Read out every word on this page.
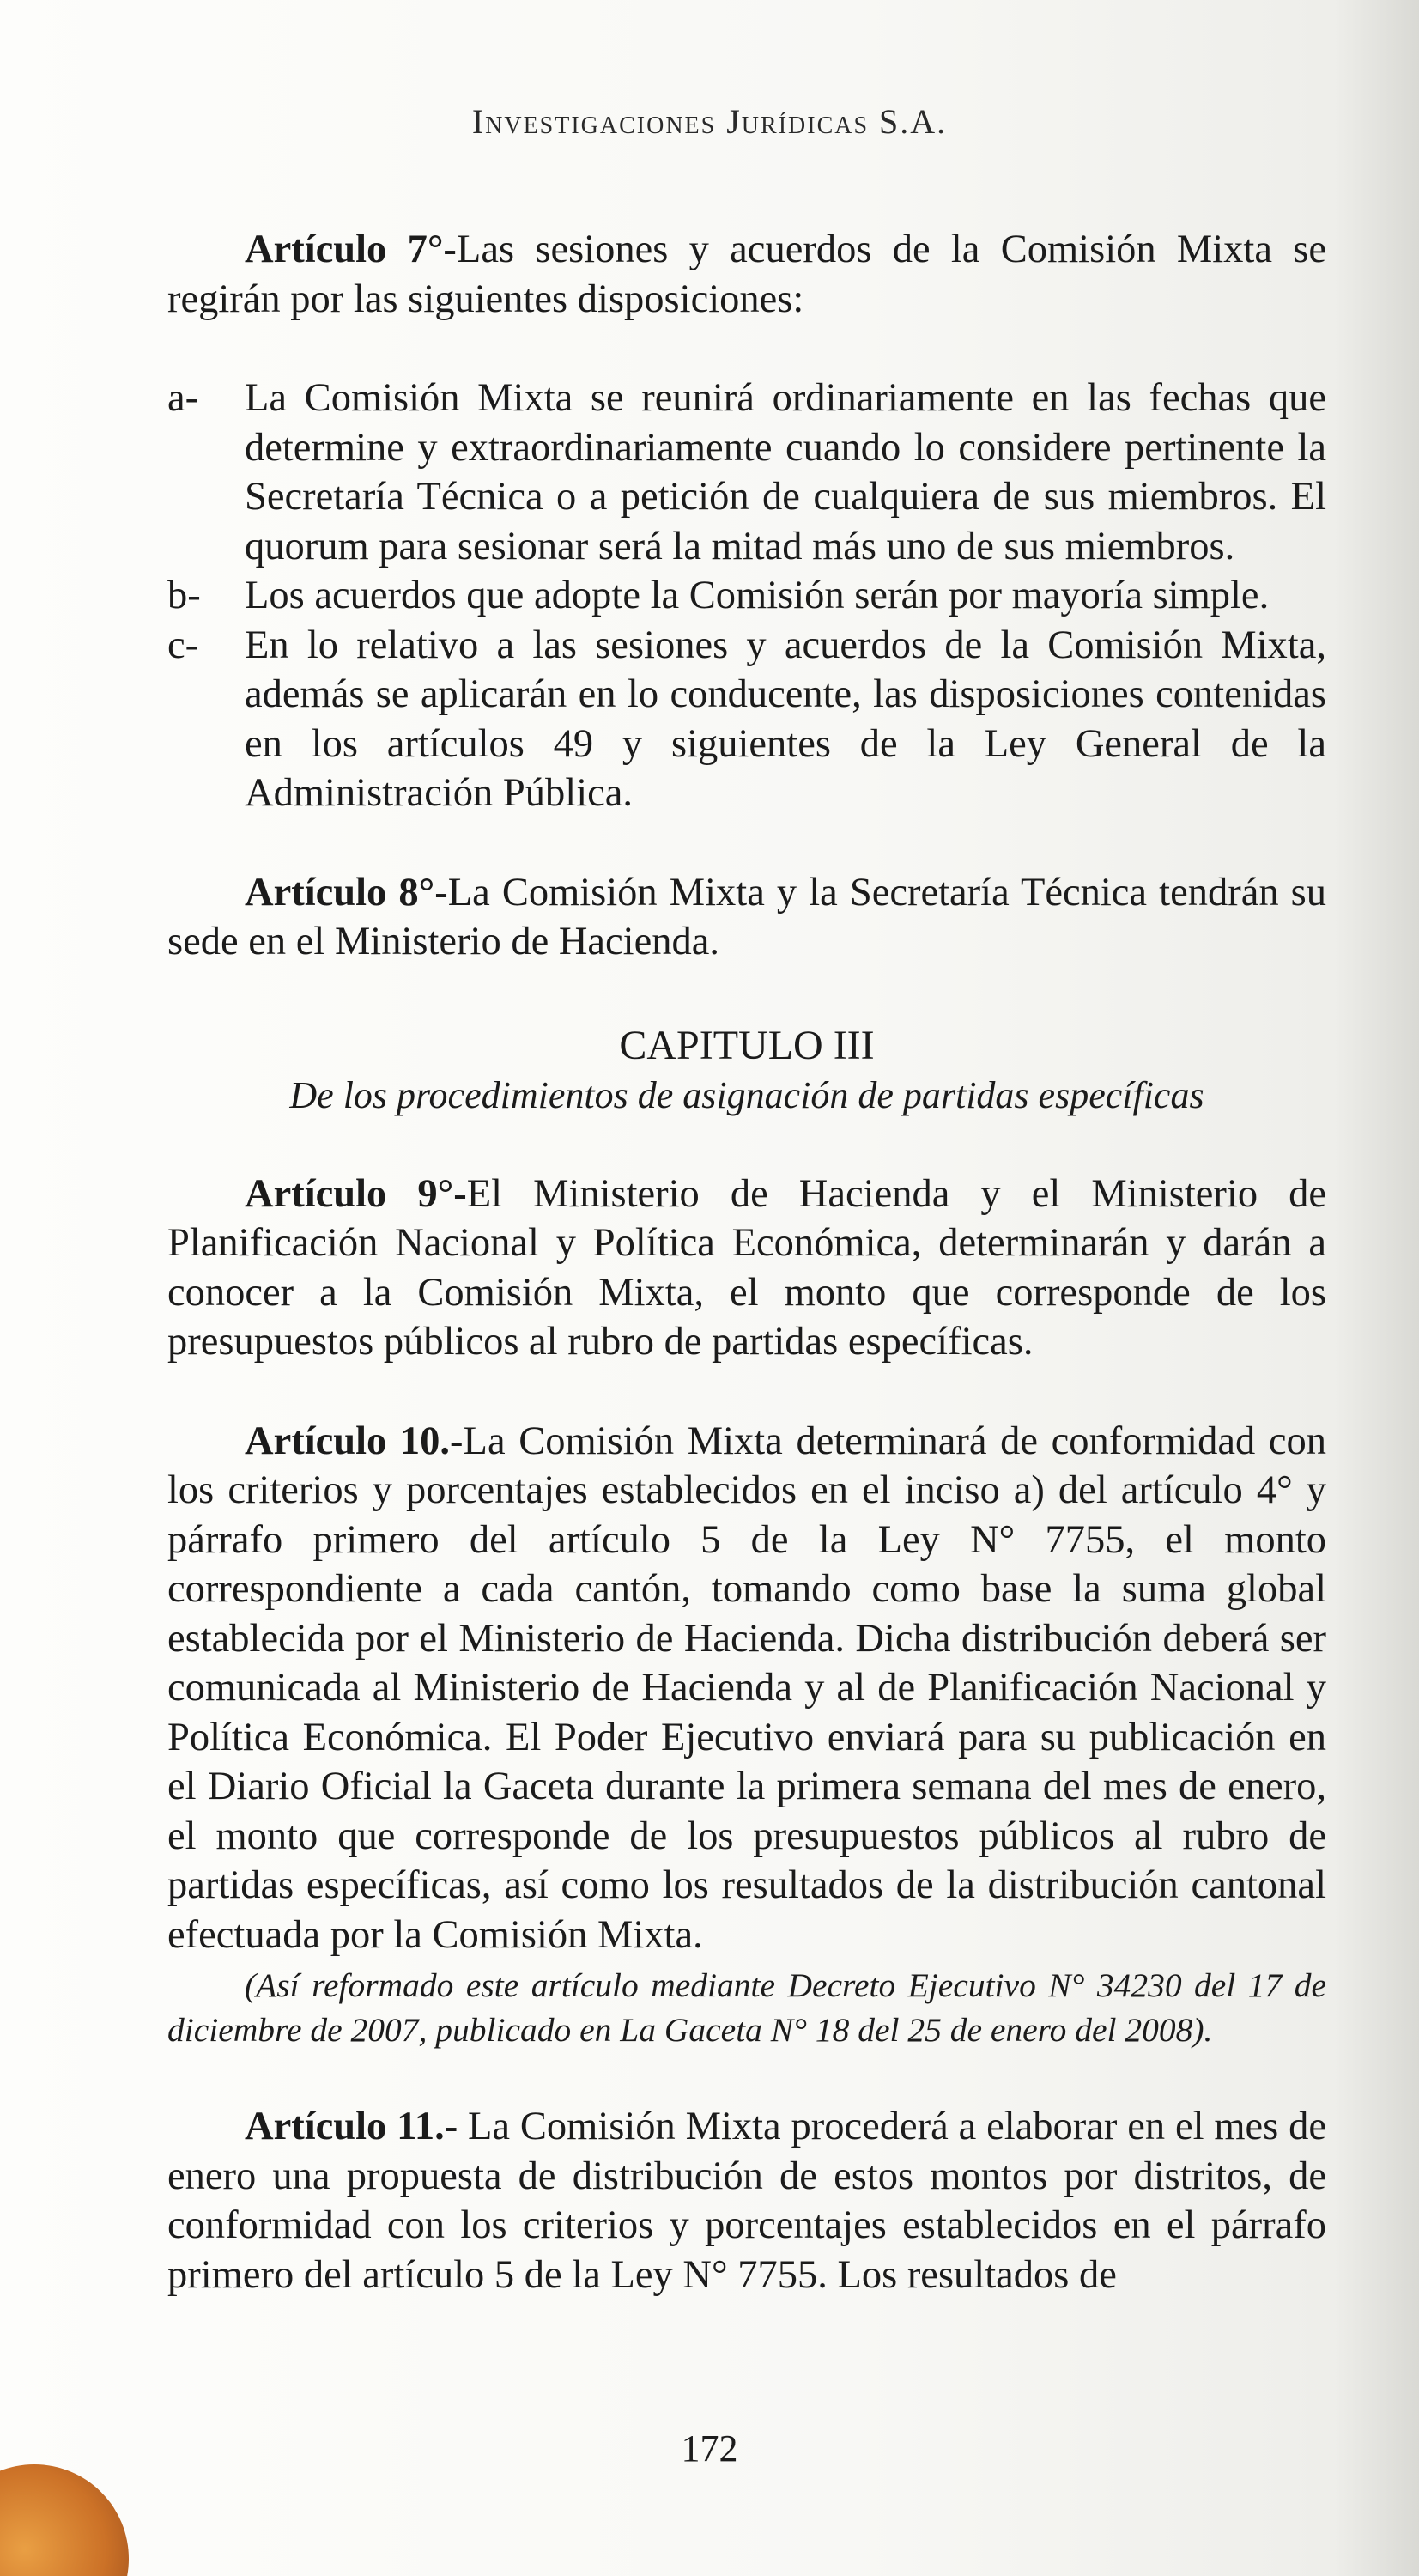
Investigaciones Jurídicas S.A.

Artículo 7°-Las sesiones y acuerdos de la Comisión Mixta se regirán por las siguientes disposiciones:

a- La Comisión Mixta se reunirá ordinariamente en las fechas que determine y extraordinariamente cuando lo considere pertinente la Secretaría Técnica o a petición de cualquiera de sus miembros. El quorum para sesionar será la mitad más uno de sus miembros.
b- Los acuerdos que adopte la Comisión serán por mayoría simple.
c- En lo relativo a las sesiones y acuerdos de la Comisión Mixta, además se aplicarán en lo conducente, las disposiciones contenidas en los artículos 49 y siguientes de la Ley General de la Administración Pública.

Artículo 8°-La Comisión Mixta y la Secretaría Técnica tendrán su sede en el Ministerio de Hacienda.

CAPITULO III

De los procedimientos de asignación de partidas específicas

Artículo 9°-El Ministerio de Hacienda y el Ministerio de Planificación Nacional y Política Económica, determinarán y darán a conocer a la Comisión Mixta, el monto que corresponde de los presupuestos públicos al rubro de partidas específicas.

Artículo 10.-La Comisión Mixta determinará de conformidad con los criterios y porcentajes establecidos en el inciso a) del artículo 4° y párrafo primero del artículo 5 de la Ley N° 7755, el monto correspondiente a cada cantón, tomando como base la suma global establecida por el Ministerio de Hacienda. Dicha distribución deberá ser comunicada al Ministerio de Hacienda y al de Planificación Nacional y Política Económica. El Poder Ejecutivo enviará para su publicación en el Diario Oficial la Gaceta durante la primera semana del mes de enero, el monto que corresponde de los presupuestos públicos al rubro de partidas específicas, así como los resultados de la distribución cantonal efectuada por la Comisión Mixta.

(Así reformado este artículo mediante Decreto Ejecutivo N° 34230 del 17 de diciembre de 2007, publicado en La Gaceta N° 18 del 25 de enero del 2008).

Artículo 11.- La Comisión Mixta procederá a elaborar en el mes de enero una propuesta de distribución de estos montos por distritos, de conformidad con los criterios y porcentajes establecidos en el párrafo primero del artículo 5 de la Ley N° 7755. Los resultados de

172
